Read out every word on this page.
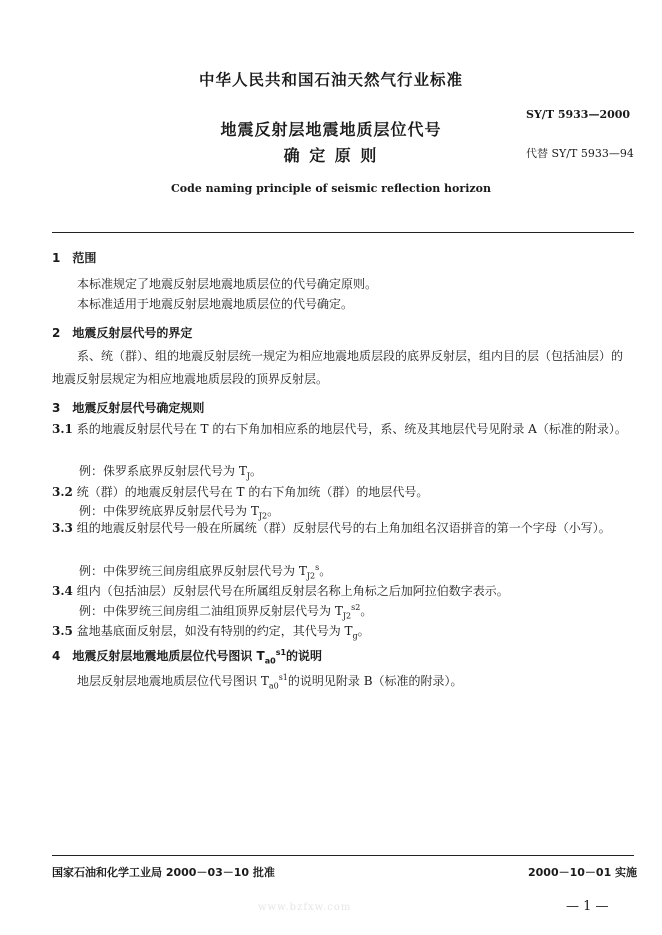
中华人民共和国石油天然气行业标准
SY/T 5933—2000
地震反射层地震地质层位代号
确 定 原 则	代替 SY/T 5933—94
Code naming principle of seismic reflection horizon
1　范围
本标准规定了地震反射层地震地质层位的代号确定原则。
本标准适用于地震反射层地震地质层位的代号确定。
2　地震反射层代号的界定
系、统（群）、组的地震反射层统一规定为相应地震地质层段的底界反射层，组内目的层（包括油层）的地震反射层规定为相应地震地质层段的顶界反射层。
3　地震反射层代号确定规则
3.1 系的地震反射层代号在 T 的右下角加相应系的地层代号，系、统及其地层代号见附录 A（标准的附录）。
例：侏罗系底界反射层代号为 $T_J$。
3.2 统（群）的地震反射层代号在 T 的右下角加统（群）的地层代号。
例：中侏罗统底界反射层代号为 $T_{J2}$。
3.3 组的地震反射层代号一般在所属统（群）反射层代号的右上角加组名汉语拼音的第一个字母（小写）。
例：中侏罗统三间房组底界反射层代号为 $T_{J2}^s$。
3.4 组内（包括油层）反射层代号在所属组反射层名称上角标之后加阿拉伯数字表示。
例：中侏罗统三间房组二油组顶界反射层代号为 $T_{J2}^{s2}$。
3.5 盆地基底面反射层，如没有特别的约定，其代号为 $T_g$。
4　地震反射层地震地质层位代号图识 $T_{a0}^{s1}$的说明
地层反射层地震地质层位代号图识 $T_{a0}^{s1}$的说明见附录 B（标准的附录）。
国家石油和化学工业局 2000－03－10 批准	2000－10－01 实施
www.bzfxw.com	— 1 —
